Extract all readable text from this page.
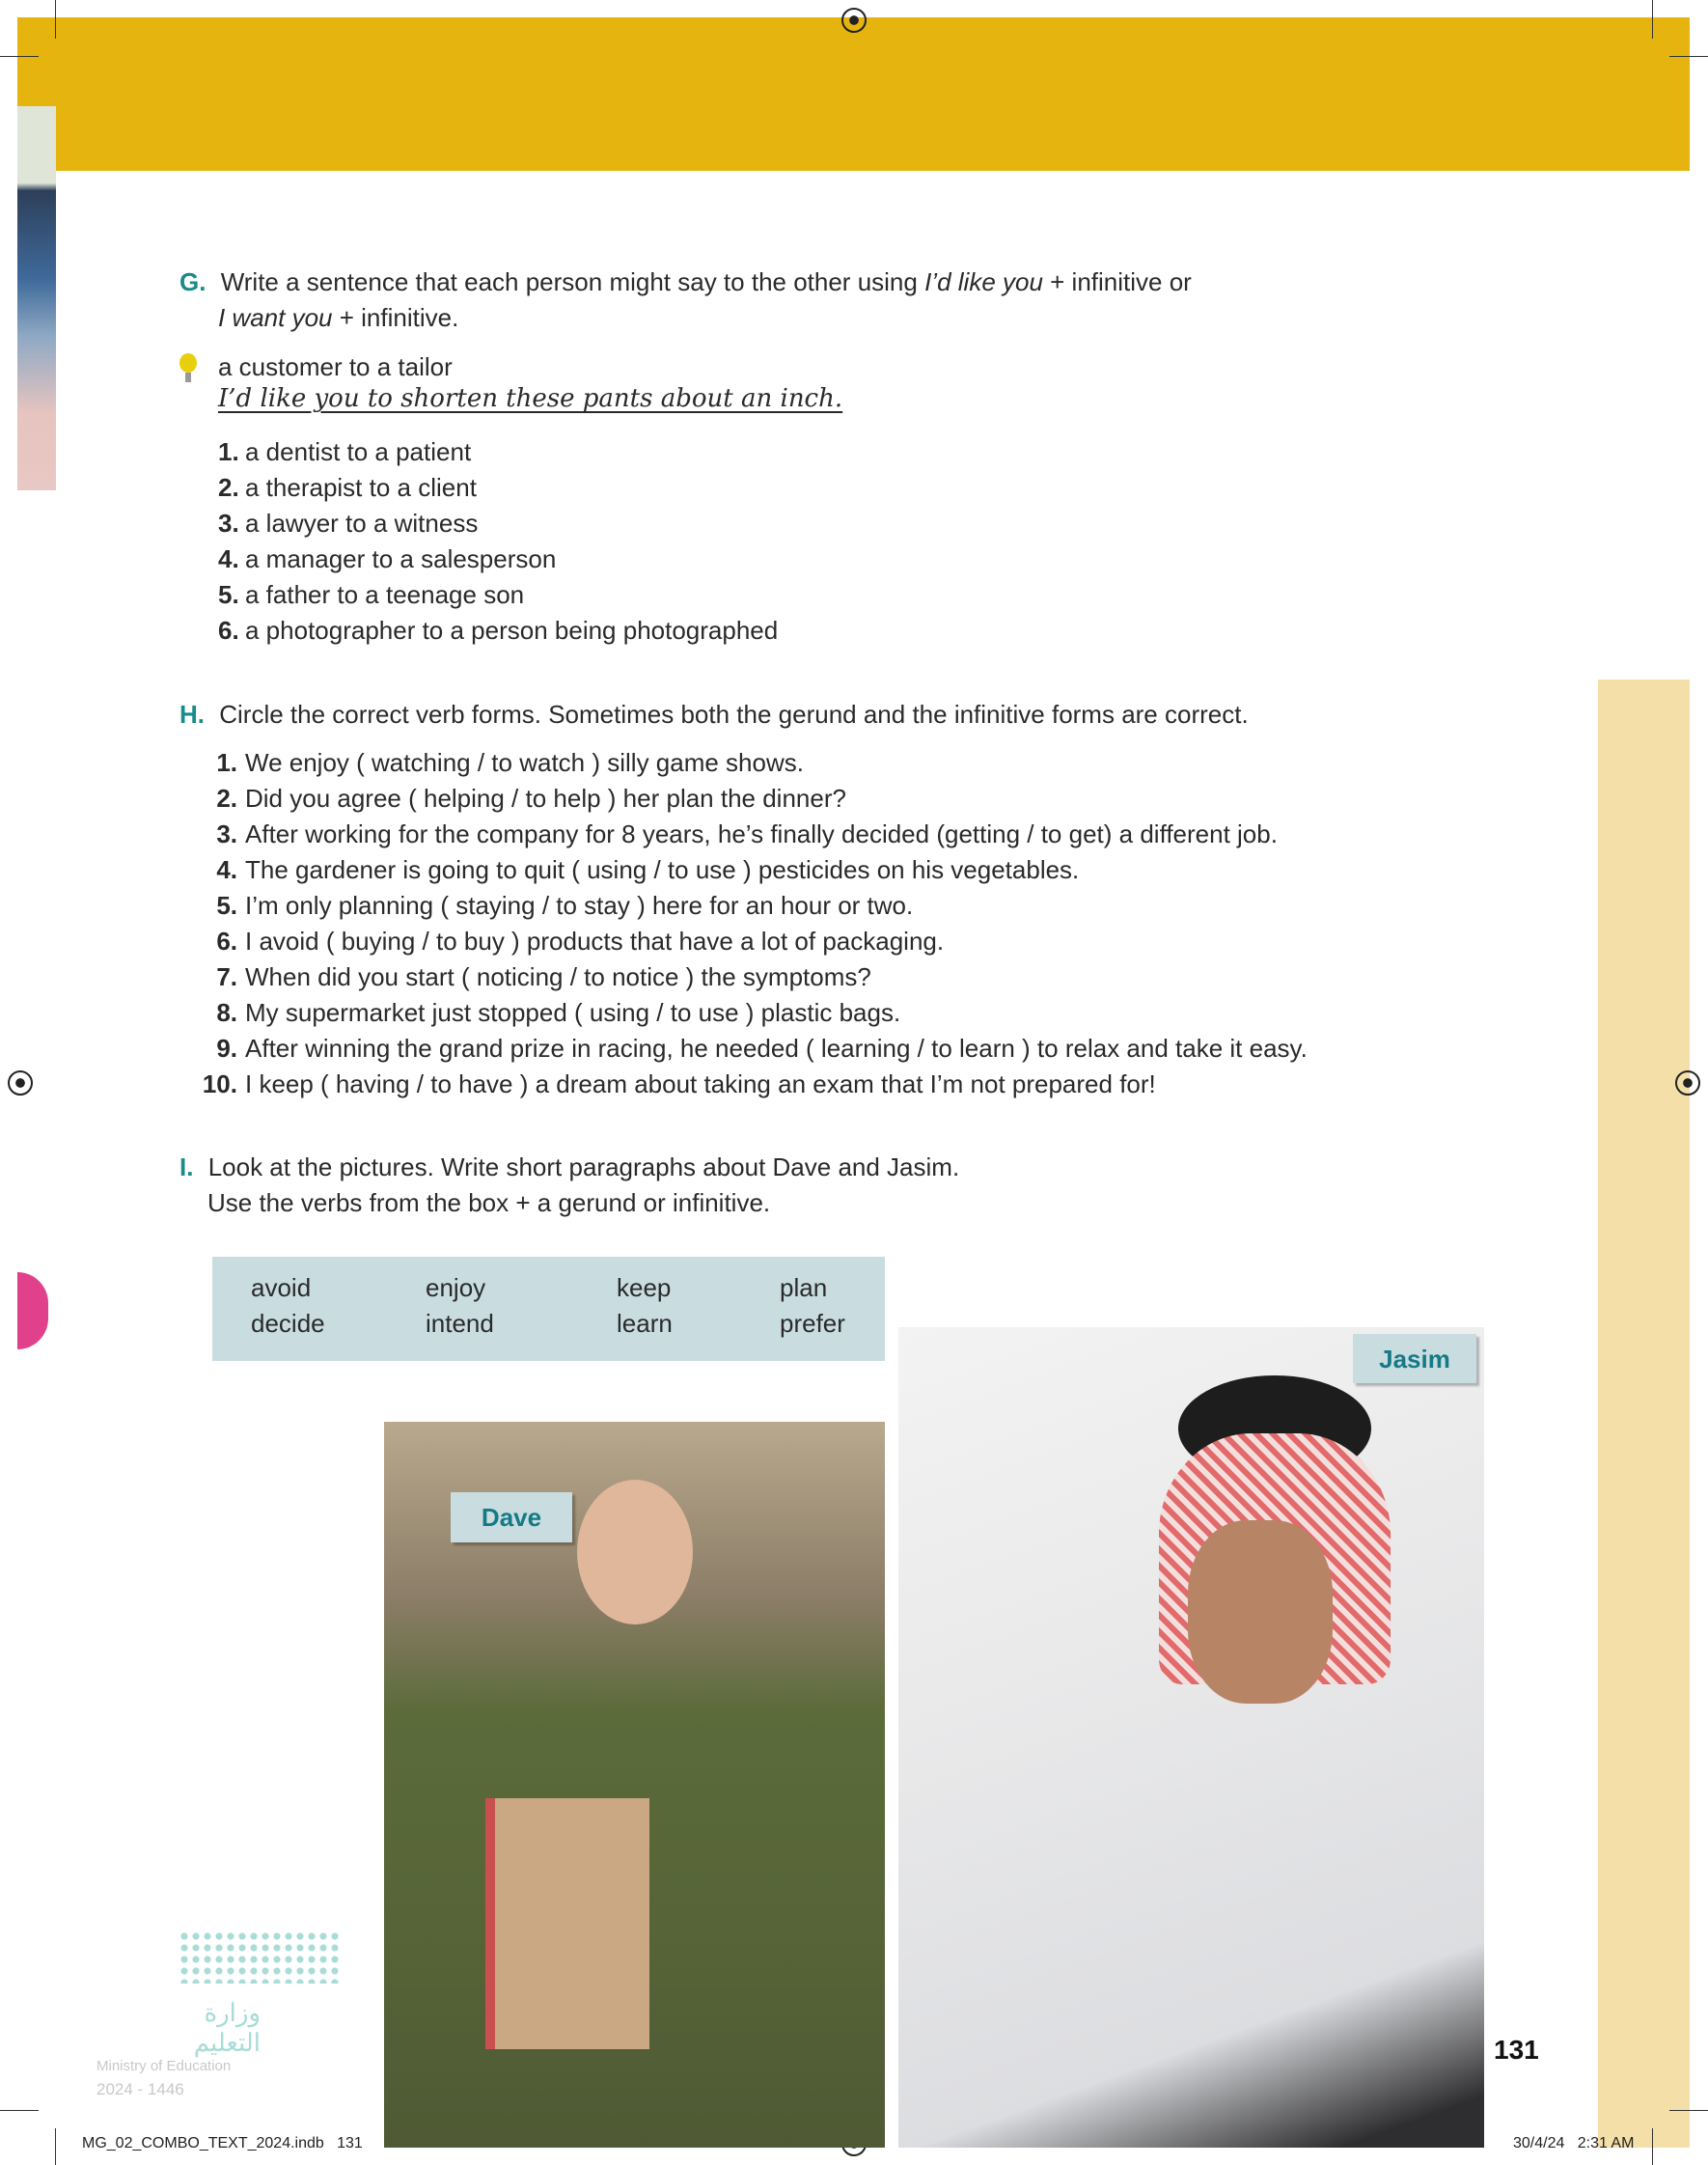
G. Write a sentence that each person might say to the other using I’d like you + infinitive or
I want you + infinitive.
a customer to a tailor
I’d like you to shorten these pants about an inch.
1. a dentist to a patient
2. a therapist to a client
3. a lawyer to a witness
4. a manager to a salesperson
5. a father to a teenage son
6. a photographer to a person being photographed
H. Circle the correct verb forms. Sometimes both the gerund and the infinitive forms are correct.
1. We enjoy ( watching / to watch ) silly game shows.
2. Did you agree ( helping / to help ) her plan the dinner?
3. After working for the company for 8 years, he’s finally decided (getting / to get) a different job.
4. The gardener is going to quit ( using / to use ) pesticides on his vegetables.
5. I’m only planning ( staying / to stay ) here for an hour or two.
6. I avoid ( buying / to buy ) products that have a lot of packaging.
7. When did you start ( noticing / to notice ) the symptoms?
8. My supermarket just stopped ( using / to use ) plastic bags.
9. After winning the grand prize in racing, he needed ( learning / to learn ) to relax and take it easy.
10. I keep ( having / to have ) a dream about taking an exam that I’m not prepared for!
I. Look at the pictures. Write short paragraphs about Dave and Jasim.
Use the verbs from the box + a gerund or infinitive.
avoid
decide
enjoy
intend
keep
learn
plan
prefer
Dave
Jasim
وزارة التعليم
Ministry of Education
2024 - 1446
131
MG_02_COMBO_TEXT_2024.indb   131	30/4/24   2:31 AM
